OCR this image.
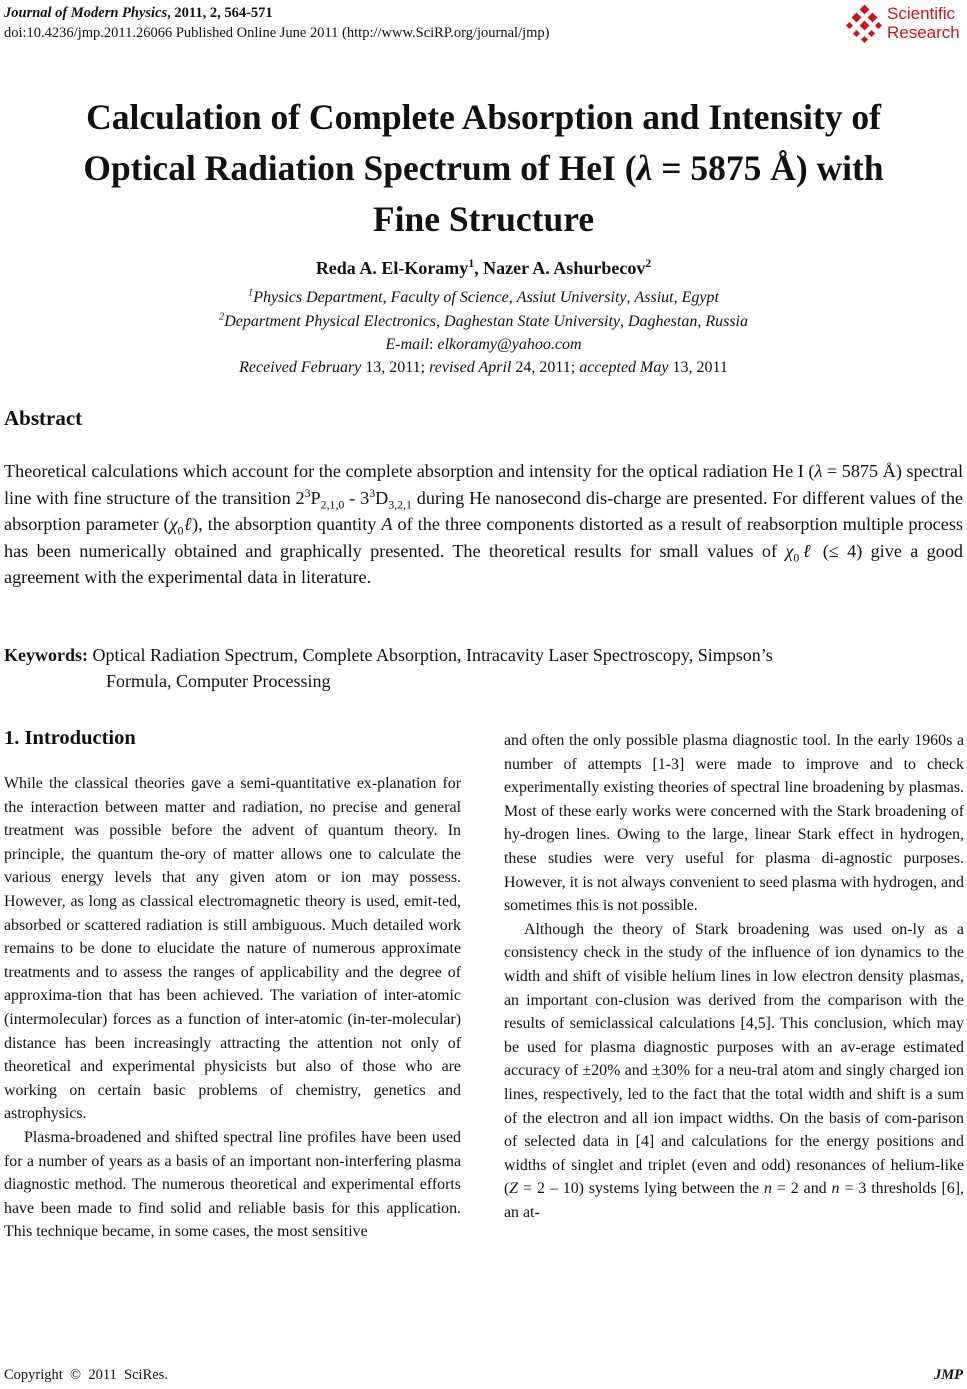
Journal of Modern Physics, 2011, 2, 564-571
doi:10.4236/jmp.2011.26066 Published Online June 2011 (http://www.SciRP.org/journal/jmp)
Scientific
Research
Calculation of Complete Absorption and Intensity of
Optical Radiation Spectrum of HeI (λ = 5875 Å) with
Fine Structure
Reda A. El-Koramy$^1$, Nazer A. Ashurbecov$^2$
$^1$Physics Department, Faculty of Science, Assiut University, Assiut, Egypt
$^2$Department Physical Electronics, Daghestan State University, Daghestan, Russia
E-mail: elkoramy@yahoo.com
Received February 13, 2011; revised April 24, 2011; accepted May 13, 2011
Abstract
Theoretical calculations which account for the complete absorption and intensity for the optical radiation He I (λ = 5875 Å) spectral line with fine structure of the transition $2^3P_{2,1,0} - 3^3D_{3,2,1}$ during He nanosecond dis-charge are presented. For different values of the absorption parameter $(\chi_0\ell)$, the absorption quantity A of the three components distorted as a result of reabsorption multiple process has been numerically obtained and graphically presented. The theoretical results for small values of $\chi_0\ell$ (≤ 4) give a good agreement with the experimental data in literature.
Keywords: Optical Radiation Spectrum, Complete Absorption, Intracavity Laser Spectroscopy, Simpson’s
Formula, Computer Processing
1. Introduction

While the classical theories gave a semi-quantitative ex-planation for the interaction between matter and radiation, no precise and general treatment was possible before the advent of quantum theory. In principle, the quantum the-ory of matter allows one to calculate the various energy levels that any given atom or ion may possess. However, as long as classical electromagnetic theory is used, emit-ted, absorbed or scattered radiation is still ambiguous. Much detailed work remains to be done to elucidate the nature of numerous approximate treatments and to assess the ranges of applicability and the degree of approxima-tion that has been achieved. The variation of inter-atomic (intermolecular) forces as a function of inter-atomic (in-ter-molecular) distance has been increasingly attracting the attention not only of theoretical and experimental physicists but also of those who are working on certain basic problems of chemistry, genetics and astrophysics.

Plasma-broadened and shifted spectral line profiles have been used for a number of years as a basis of an important non-interfering plasma diagnostic method. The numerous theoretical and experimental efforts have been made to find solid and reliable basis for this application. This technique became, in some cases, the most sensitive

and often the only possible plasma diagnostic tool. In the early 1960s a number of attempts [1-3] were made to improve and to check experimentally existing theories of spectral line broadening by plasmas. Most of these early works were concerned with the Stark broadening of hy-drogen lines. Owing to the large, linear Stark effect in hydrogen, these studies were very useful for plasma di-agnostic purposes. However, it is not always convenient to seed plasma with hydrogen, and sometimes this is not possible.

Although the theory of Stark broadening was used on-ly as a consistency check in the study of the influence of ion dynamics to the width and shift of visible helium lines in low electron density plasmas, an important con-clusion was derived from the comparison with the results of semiclassical calculations [4,5]. This conclusion, which may be used for plasma diagnostic purposes with an av-erage estimated accuracy of ±20% and ±30% for a neu-tral atom and singly charged ion lines, respectively, led to the fact that the total width and shift is a sum of the electron and all ion impact widths. On the basis of com-parison of selected data in [4] and calculations for the energy positions and widths of singlet and triplet (even and odd) resonances of helium-like (Z = 2 – 10) systems lying between the n = 2 and n = 3 thresholds [6], an at-

Copyright  ©  2011  SciRes.	JMP
